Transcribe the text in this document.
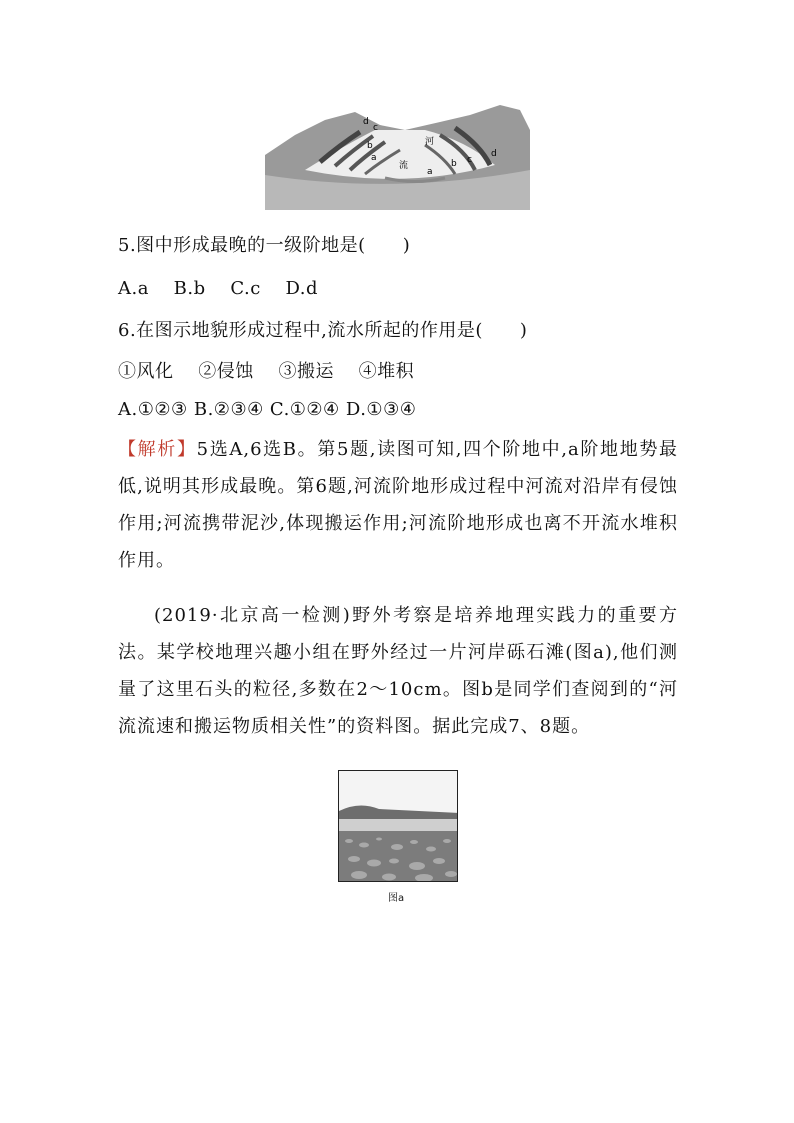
d
c
b
a
河
流
a
b c
d
5.图中形成最晚的一级阶地是(　　)
A.a　 B.b　 C.c　 D.d
6.在图示地貌形成过程中,流水所起的作用是(　　)
①风化　 ②侵蚀　 ③搬运　 ④堆积
A.①②③ B.②③④ C.①②④ D.①③④
【解析】5选A,6选B。第5题,读图可知,四个阶地中,a阶地地势最低,说明其形成最晚。第6题,河流阶地形成过程中河流对沿岸有侵蚀作用;河流携带泥沙,体现搬运作用;河流阶地形成也离不开流水堆积作用。
(2019·北京高一检测)野外考察是培养地理实践力的重要方法。某学校地理兴趣小组在野外经过一片河岸砾石滩(图a),他们测量了这里石头的粒径,多数在2～10cm。图b是同学们查阅到的“河流流速和搬运物质相关性”的资料图。据此完成7、8题。
图a
